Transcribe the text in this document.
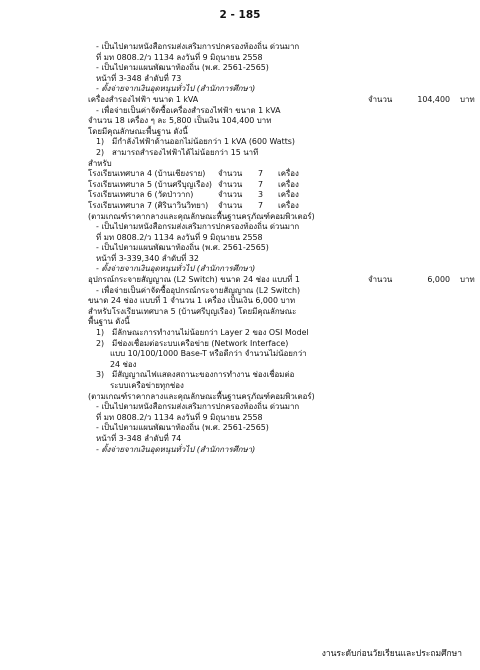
2 - 185
- เป็นไปตามหนังสือกรมส่งเสริมการปกครองท้องถิ่น ด่วนมาก
ที่ มท 0808.2/ว 1134 ลงวันที่ 9 มิถุนายน 2558
- เป็นไปตามแผนพัฒนาท้องถิ่น (พ.ศ. 2561-2565)
หน้าที่ 3-348 ลำดับที่ 73
- ตั้งจ่ายจากเงินอุดหนุนทั่วไป (สำนักการศึกษา)
เครื่องสำรองไฟฟ้า ขนาด 1 kVA	จำนวน	104,400 บาท
- เพื่อจ่ายเป็นค่าจัดซื้อเครื่องสำรองไฟฟ้า ขนาด 1 kVA
จำนวน 18 เครื่อง ๆ ละ 5,800 เป็นเงิน 104,400 บาท
โดยมีคุณลักษณะพื้นฐาน ดังนี้
1) มีกำลังไฟฟ้าด้านออกไม่น้อยกว่า 1 kVA (600 Watts)
2) สามารถสำรองไฟฟ้าได้ไม่น้อยกว่า 15 นาที
สำหรับ
โรงเรียนเทศบาล 4 (บ้านเชียงราย) จำนวน 7 เครื่อง
โรงเรียนเทศบาล 5 (บ้านศรีบุญเรือง) จำนวน 7 เครื่อง
โรงเรียนเทศบาล 6 (วัดป่าวาก)	จำนวน 3 เครื่อง
โรงเรียนเทศบาล 7 (ศิรินาวินวิทยา) จำนวน 7 เครื่อง
(ตามเกณฑ์ราคากลางและคุณลักษณะพื้นฐานครุภัณฑ์คอมพิวเตอร์)
- เป็นไปตามหนังสือกรมส่งเสริมการปกครองท้องถิ่น ด่วนมาก
ที่ มท 0808.2/ว 1134 ลงวันที่ 9 มิถุนายน 2558
- เป็นไปตามแผนพัฒนาท้องถิ่น (พ.ศ. 2561-2565)
หน้าที่ 3-339,340 ลำดับที่ 32
- ตั้งจ่ายจากเงินอุดหนุนทั่วไป (สำนักการศึกษา)
อุปกรณ์กระจายสัญญาณ (L2 Switch) ขนาด 24 ช่อง แบบที่ 1	จำนวน	6,000 บาท
- เพื่อจ่ายเป็นค่าจัดซื้ออุปกรณ์กระจายสัญญาณ (L2 Switch)
ขนาด 24 ช่อง แบบที่ 1 จำนวน 1 เครื่อง เป็นเงิน 6,000 บาท
สำหรับโรงเรียนเทศบาล 5 (บ้านศรีบุญเรือง) โดยมีคุณลักษณะ
พื้นฐาน ดังนี้
1) มีลักษณะการทำงานไม่น้อยกว่า Layer 2 ของ OSI Model
2) มีช่องเชื่อมต่อระบบเครือข่าย (Network Interface)
แบบ 10/100/1000 Base-T หรือดีกว่า จำนวนไม่น้อยกว่า
24 ช่อง
3) มีสัญญาณไฟแสดงสถานะของการทำงาน ช่องเชื่อมต่อ
ระบบเครือข่ายทุกช่อง
(ตามเกณฑ์ราคากลางและคุณลักษณะพื้นฐานครุภัณฑ์คอมพิวเตอร์)
- เป็นไปตามหนังสือกรมส่งเสริมการปกครองท้องถิ่น ด่วนมาก
ที่ มท 0808.2/ว 1134 ลงวันที่ 9 มิถุนายน 2558
- เป็นไปตามแผนพัฒนาท้องถิ่น (พ.ศ. 2561-2565)
หน้าที่ 3-348 ลำดับที่ 74
- ตั้งจ่ายจากเงินอุดหนุนทั่วไป (สำนักการศึกษา)
งานระดับก่อนวัยเรียนและประถมศึกษา
